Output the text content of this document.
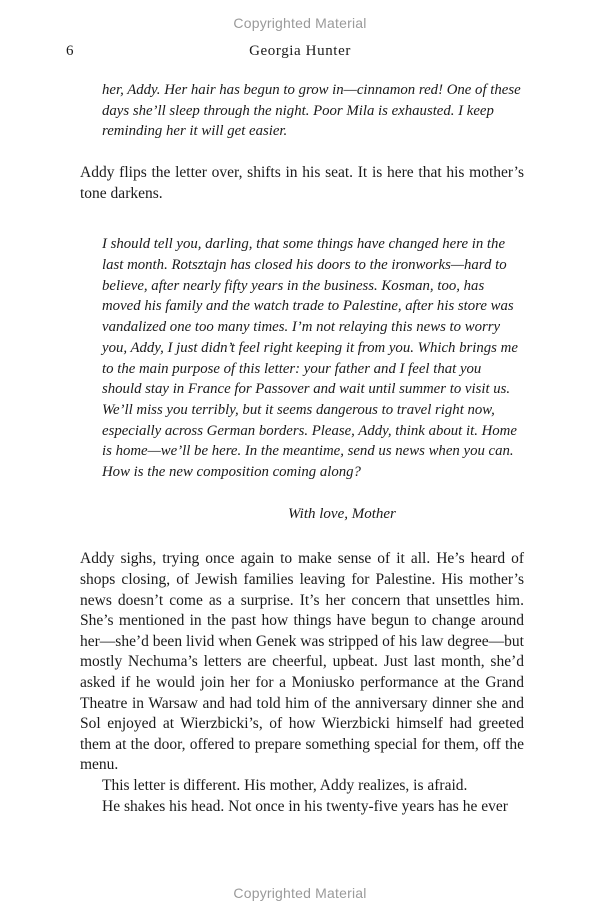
Copyrighted Material
6	Georgia Hunter

her, Addy. Her hair has begun to grow in—cinnamon red! One of these days she’ll sleep through the night. Poor Mila is exhausted. I keep reminding her it will get easier.

Addy flips the letter over, shifts in his seat. It is here that his mother’s tone darkens.

I should tell you, darling, that some things have changed here in the last month. Rotsztajn has closed his doors to the ironworks—hard to believe, after nearly fifty years in the business. Kosman, too, has moved his family and the watch trade to Palestine, after his store was vandalized one too many times. I’m not relaying this news to worry you, Addy, I just didn’t feel right keeping it from you. Which brings me to the main purpose of this letter: your father and I feel that you should stay in France for Passover and wait until summer to visit us. We’ll miss you terribly, but it seems dangerous to travel right now, especially across German borders. Please, Addy, think about it. Home is home—we’ll be here. In the meantime, send us news when you can. How is the new composition coming along?

With love, Mother

Addy sighs, trying once again to make sense of it all. He’s heard of shops closing, of Jewish families leaving for Palestine. His mother’s news doesn’t come as a surprise. It’s her concern that unsettles him. She’s mentioned in the past how things have begun to change around her—she’d been livid when Genek was stripped of his law degree—but mostly Nechuma’s letters are cheerful, upbeat. Just last month, she’d asked if he would join her for a Moniusko performance at the Grand Theatre in Warsaw and had told him of the anniversary dinner she and Sol enjoyed at Wierzbicki’s, of how Wierzbicki himself had greeted them at the door, offered to prepare something special for them, off the menu.

This letter is different. His mother, Addy realizes, is afraid.

He shakes his head. Not once in his twenty-five years has he ever

Copyrighted Material
